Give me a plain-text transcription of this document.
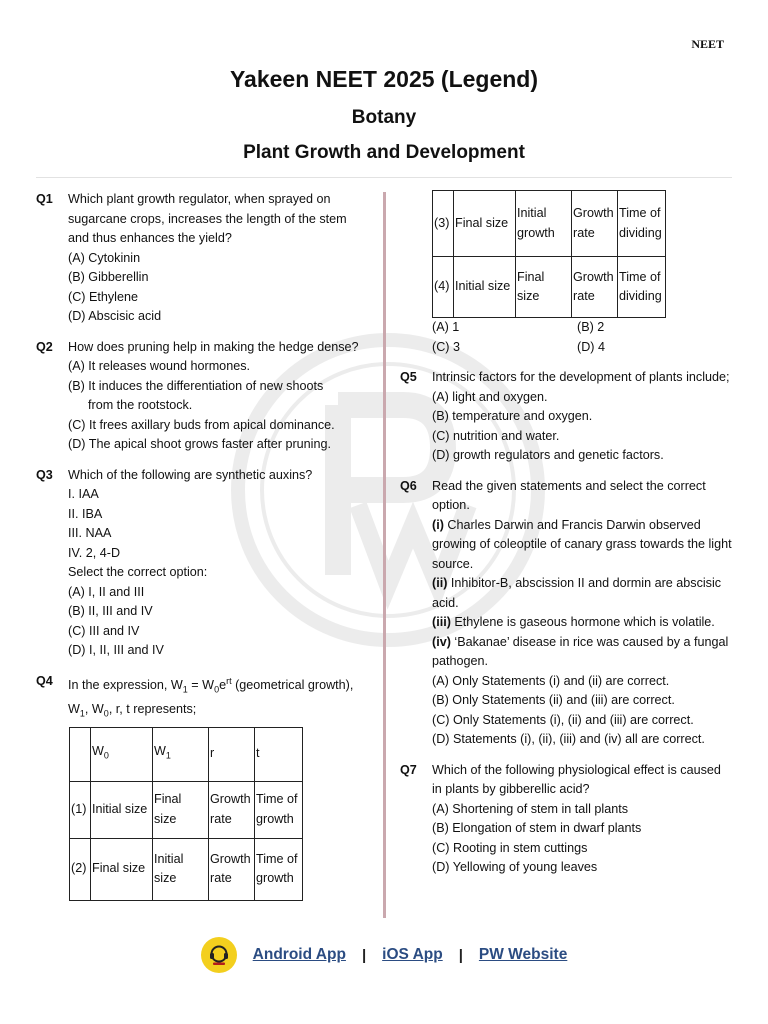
NEET
Yakeen NEET 2025 (Legend)
Botany
Plant Growth and Development
Q1 Which plant growth regulator, when sprayed on sugarcane crops, increases the length of the stem and thus enhances the yield?
(A) Cytokinin
(B) Gibberellin
(C) Ethylene
(D) Abscisic acid
Q2 How does pruning help in making the hedge dense?
(A) It releases wound hormones.
(B) It induces the differentiation of new shoots
from the rootstock.
(C) It frees axillary buds from apical dominance.
(D) The apical shoot grows faster after pruning.
Q3 Which of the following are synthetic auxins?
I. IAA
II. IBA
III. NAA
IV. 2, 4-D
Select the correct option:
(A) I, II and III
(B) II, III and IV
(C) III and IV
(D) I, II, III and IV
Q4 In the expression, $W_1 = W_0e^{rt}$ (geometrical growth), $W_1$, $W_0$, r, t represents;
	$W_0$	$W_1$	r	t
(1)	Initial size	Final size	Growth rate	Time of growth
(2)	Final size	Initial size	Growth rate	Time of growth
(3)	Final size	Initial growth	Growth rate	Time of dividing
(4)	Initial size	Final size	Growth rate	Time of dividing
(A) 1	(B) 2
(C) 3	(D) 4
Q5 Intrinsic factors for the development of plants include;
(A) light and oxygen.
(B) temperature and oxygen.
(C) nutrition and water.
(D) growth regulators and genetic factors.
Q6 Read the given statements and select the correct option.
(i) Charles Darwin and Francis Darwin observed growing of coleoptile of canary grass towards the light source.
(ii) Inhibitor-B, abscission II and dormin are abscisic acid.
(iii) Ethylene is gaseous hormone which is volatile.
(iv) ‘Bakanae’ disease in rice was caused by a fungal pathogen.
(A) Only Statements (i) and (ii) are correct.
(B) Only Statements (ii) and (iii) are correct.
(C) Only Statements (i), (ii) and (iii) are correct.
(D) Statements (i), (ii), (iii) and (iv) all are correct.
Q7 Which of the following physiological effect is caused in plants by gibberellic acid?
(A) Shortening of stem in tall plants
(B) Elongation of stem in dwarf plants
(C) Rooting in stem cuttings
(D) Yellowing of young leaves
Android App | iOS App | PW Website
